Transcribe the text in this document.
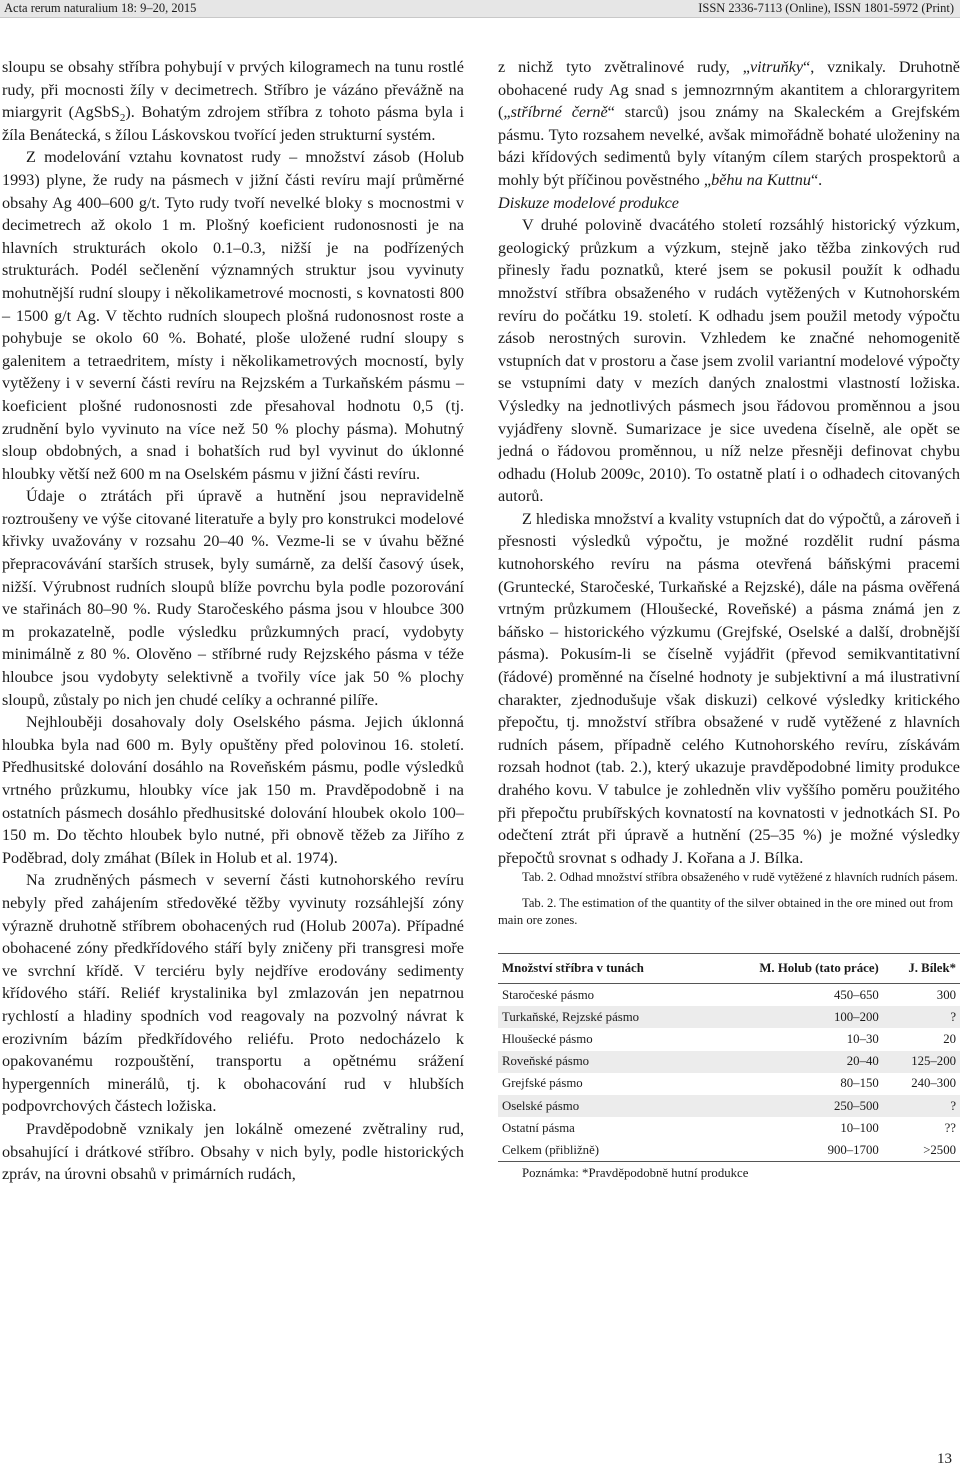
Acta rerum naturalium 18: 9–20, 2015	ISSN 2336-7113 (Online), ISSN 1801-5972 (Print)

sloupu se obsahy stříbra pohybují v prvých kilogramech na tunu rostlé rudy, při mocnosti žíly v decimetrech. Stříbro je vázáno převážně na miargyrit (AgSbS$_2$). Bohatým zdrojem stříbra z tohoto pásma byla i žíla Benátecká, s žílou Láskovskou tvořící jeden strukturní systém.

Z modelování vztahu kovnatost rudy – množství zásob (Holub 1993) plyne, že rudy na pásmech v jižní části revíru mají průměrné obsahy Ag 400–600 g/t. Tyto rudy tvoří nevelké bloky s mocnostmi v decimetrech až okolo 1 m. Plošný koeficient rudonosnosti je na hlavních strukturách okolo 0.1–0.3, nižší je na podřízených strukturách. Podél sečlenění významných struktur jsou vyvinuty mohutnější rudní sloupy i několikametrové mocnosti, s kovnatosti 800 – 1500 g/t Ag. V těchto rudních sloupech plošná rudonosnost roste a pohybuje se okolo 60 %. Bohaté, ploše uložené rudní sloupy s galenitem a tetraedritem, místy i několikametrových mocností, byly vytěženy i v severní části revíru na Rejzském a Turkaňském pásmu – koeficient plošné rudonosnosti zde přesahoval hodnotu 0,5 (tj. zrudnění bylo vyvinuto na více než 50 % plochy pásma). Mohutný sloup obdobných, a snad i bohatších rud byl vyvinut do úklonné hloubky větší než 600 m na Oselském pásmu v jižní části revíru.

Údaje o ztrátách při úpravě a hutnění jsou nepravidelně roztroušeny ve výše citované literatuře a byly pro konstrukci modelové křivky uvažovány v rozsahu 20–40 %. Vezme-li se v úvahu běžné přepracovávání starších strusek, byly sumárně, za delší časový úsek, nižší. Výrubnost rudních sloupů blíže povrchu byla podle pozorování ve stařinách 80–90 %. Rudy Staročeského pásma jsou v hloubce 300 m prokazatelně, podle výsledku průzkumných prací, vydobyty minimálně z 80 %. Olověno – stříbrné rudy Rejzského pásma v téže hloubce jsou vydobyty selektivně a tvořily více jak 50 % plochy sloupů, zůstaly po nich jen chudé celíky a ochranné pilíře.

Nejhlouběji dosahovaly doly Oselského pásma. Jejich úklonná hloubka byla nad 600 m. Byly opuštěny před polovinou 16. století. Předhusitské dolování dosáhlo na Roveňském pásmu, podle výsledků vrtného průzkumu, hloubky více jak 150 m. Pravděpodobně i na ostatních pásmech dosáhlo předhusitské dolování hloubek okolo 100–150 m. Do těchto hloubek bylo nutné, při obnově těžeb za Jiřího z Poděbrad, doly zmáhat (Bílek in Holub et al. 1974).

Na zrudněných pásmech v severní části kutnohorského revíru nebyly před zahájením středověké těžby vyvinuty rozsáhlejší zóny výrazně druhotně stříbrem obohacených rud (Holub 2007a). Případné obohacené zóny předkřídového stáří byly zničeny při transgresi moře ve svrchní křídě. V terciéru byly nejdříve erodovány sedimenty křídového stáří. Reliéf krystalinika byl zmlazován jen nepatrnou rychlostí a hladiny spodních vod reagovaly na pozvolný návrat k erozivním bázím předkřídového reliéfu. Proto nedocházelo k opakovanému rozpouštění, transportu a opětnému srážení hypergenních minerálů, tj. k obohacování rud v hlubších podpovrchových částech ložiska.

Pravděpodobně vznikaly jen lokálně omezené zvětraliny rud, obsahující i drátkové stříbro. Obsahy v nich byly, podle historických zpráv, na úrovni obsahů v primárních rudách,

z nichž tyto zvětralinové rudy, „vitruňky“, vznikaly. Druhotně obohacené rudy Ag snad s jemnozrnným akantitem a chlorargyritem („stříbrné černě“ starců) jsou známy na Skaleckém a Grejfském pásmu. Tyto rozsahem nevelké, avšak mimořádně bohaté uloženiny na bázi křídových sedimentů byly vítaným cílem starých prospektorů a mohly být příčinou pověstného „běhu na Kuttnu“.

Diskuze modelové produkce

V druhé polovině dvacátého století rozsáhlý historický výzkum, geologický průzkum a výzkum, stejně jako těžba zinkových rud přinesly řadu poznatků, které jsem se pokusil použít k odhadu množství stříbra obsaženého v rudách vytěžených v Kutnohorském revíru do počátku 19. století. K odhadu jsem použil metody výpočtu zásob nerostných surovin. Vzhledem ke značné nehomogenitě vstupních dat v prostoru a čase jsem zvolil variantní modelové výpočty se vstupními daty v mezích daných znalostmi vlastností ložiska. Výsledky na jednotlivých pásmech jsou řádovou proměnnou a jsou vyjádřeny slovně. Sumarizace je sice uvedena číselně, ale opět se jedná o řádovou proměnnou, u níž nelze přesněji definovat chybu odhadu (Holub 2009c, 2010). To ostatně platí i o odhadech citovaných autorů.

Z hlediska množství a kvality vstupních dat do výpočtů, a zároveň i přesnosti výsledků výpočtu, je možné rozdělit rudní pásma kutnohorského revíru na pásma otevřená báňskými pracemi (Gruntecké, Staročeské, Turkaňské a Rejzské), dále na pásma ověřená vrtným průzkumem (Hloušecké, Roveňské) a pásma známá jen z báňsko – historického výzkumu (Grejfské, Oselské a další, drobnější pásma). Pokusím-li se číselně vyjádřit (převod semikvantitativní (řádové) proměnné na číselné hodnoty je subjektivní a má ilustrativní charakter, zjednodušuje však diskuzi) celkové výsledky kritického přepočtu, tj. množství stříbra obsažené v rudě vytěžené z hlavních rudních pásem, případně celého Kutnohorského revíru, získávám rozsah hodnot (tab. 2.), který ukazuje pravděpodobné limity produkce drahého kovu. V tabulce je zohledněn vliv vyššího poměru použitého při přepočtu prubířských kovnatostí na kovnatosti v jednotkách SI. Po odečtení ztrát při úpravě a hutnění (25–35 %) je možné výsledky přepočtů srovnat s odhady J. Kořana a J. Bílka.

Tab. 2. Odhad množství stříbra obsaženého v rudě vytěžené z hlavních rudních pásem.

Tab. 2. The estimation of the quantity of the silver obtained in the ore mined out from main ore zones.

Množství stříbra v tunách	M. Holub (tato práce)	J. Bílek*
Staročeské pásmo	450–650	300
Turkaňské, Rejzské pásmo	100–200	?
Hloušecké pásmo	10–30	20
Roveňské pásmo	20–40	125–200
Grejfské pásmo	80–150	240–300
Oselské pásmo	250–500	?
Ostatní pásma	10–100	??
Celkem (přibližně)	900–1700	>2500

Poznámka: *Pravděpodobně hutní produkce

13
